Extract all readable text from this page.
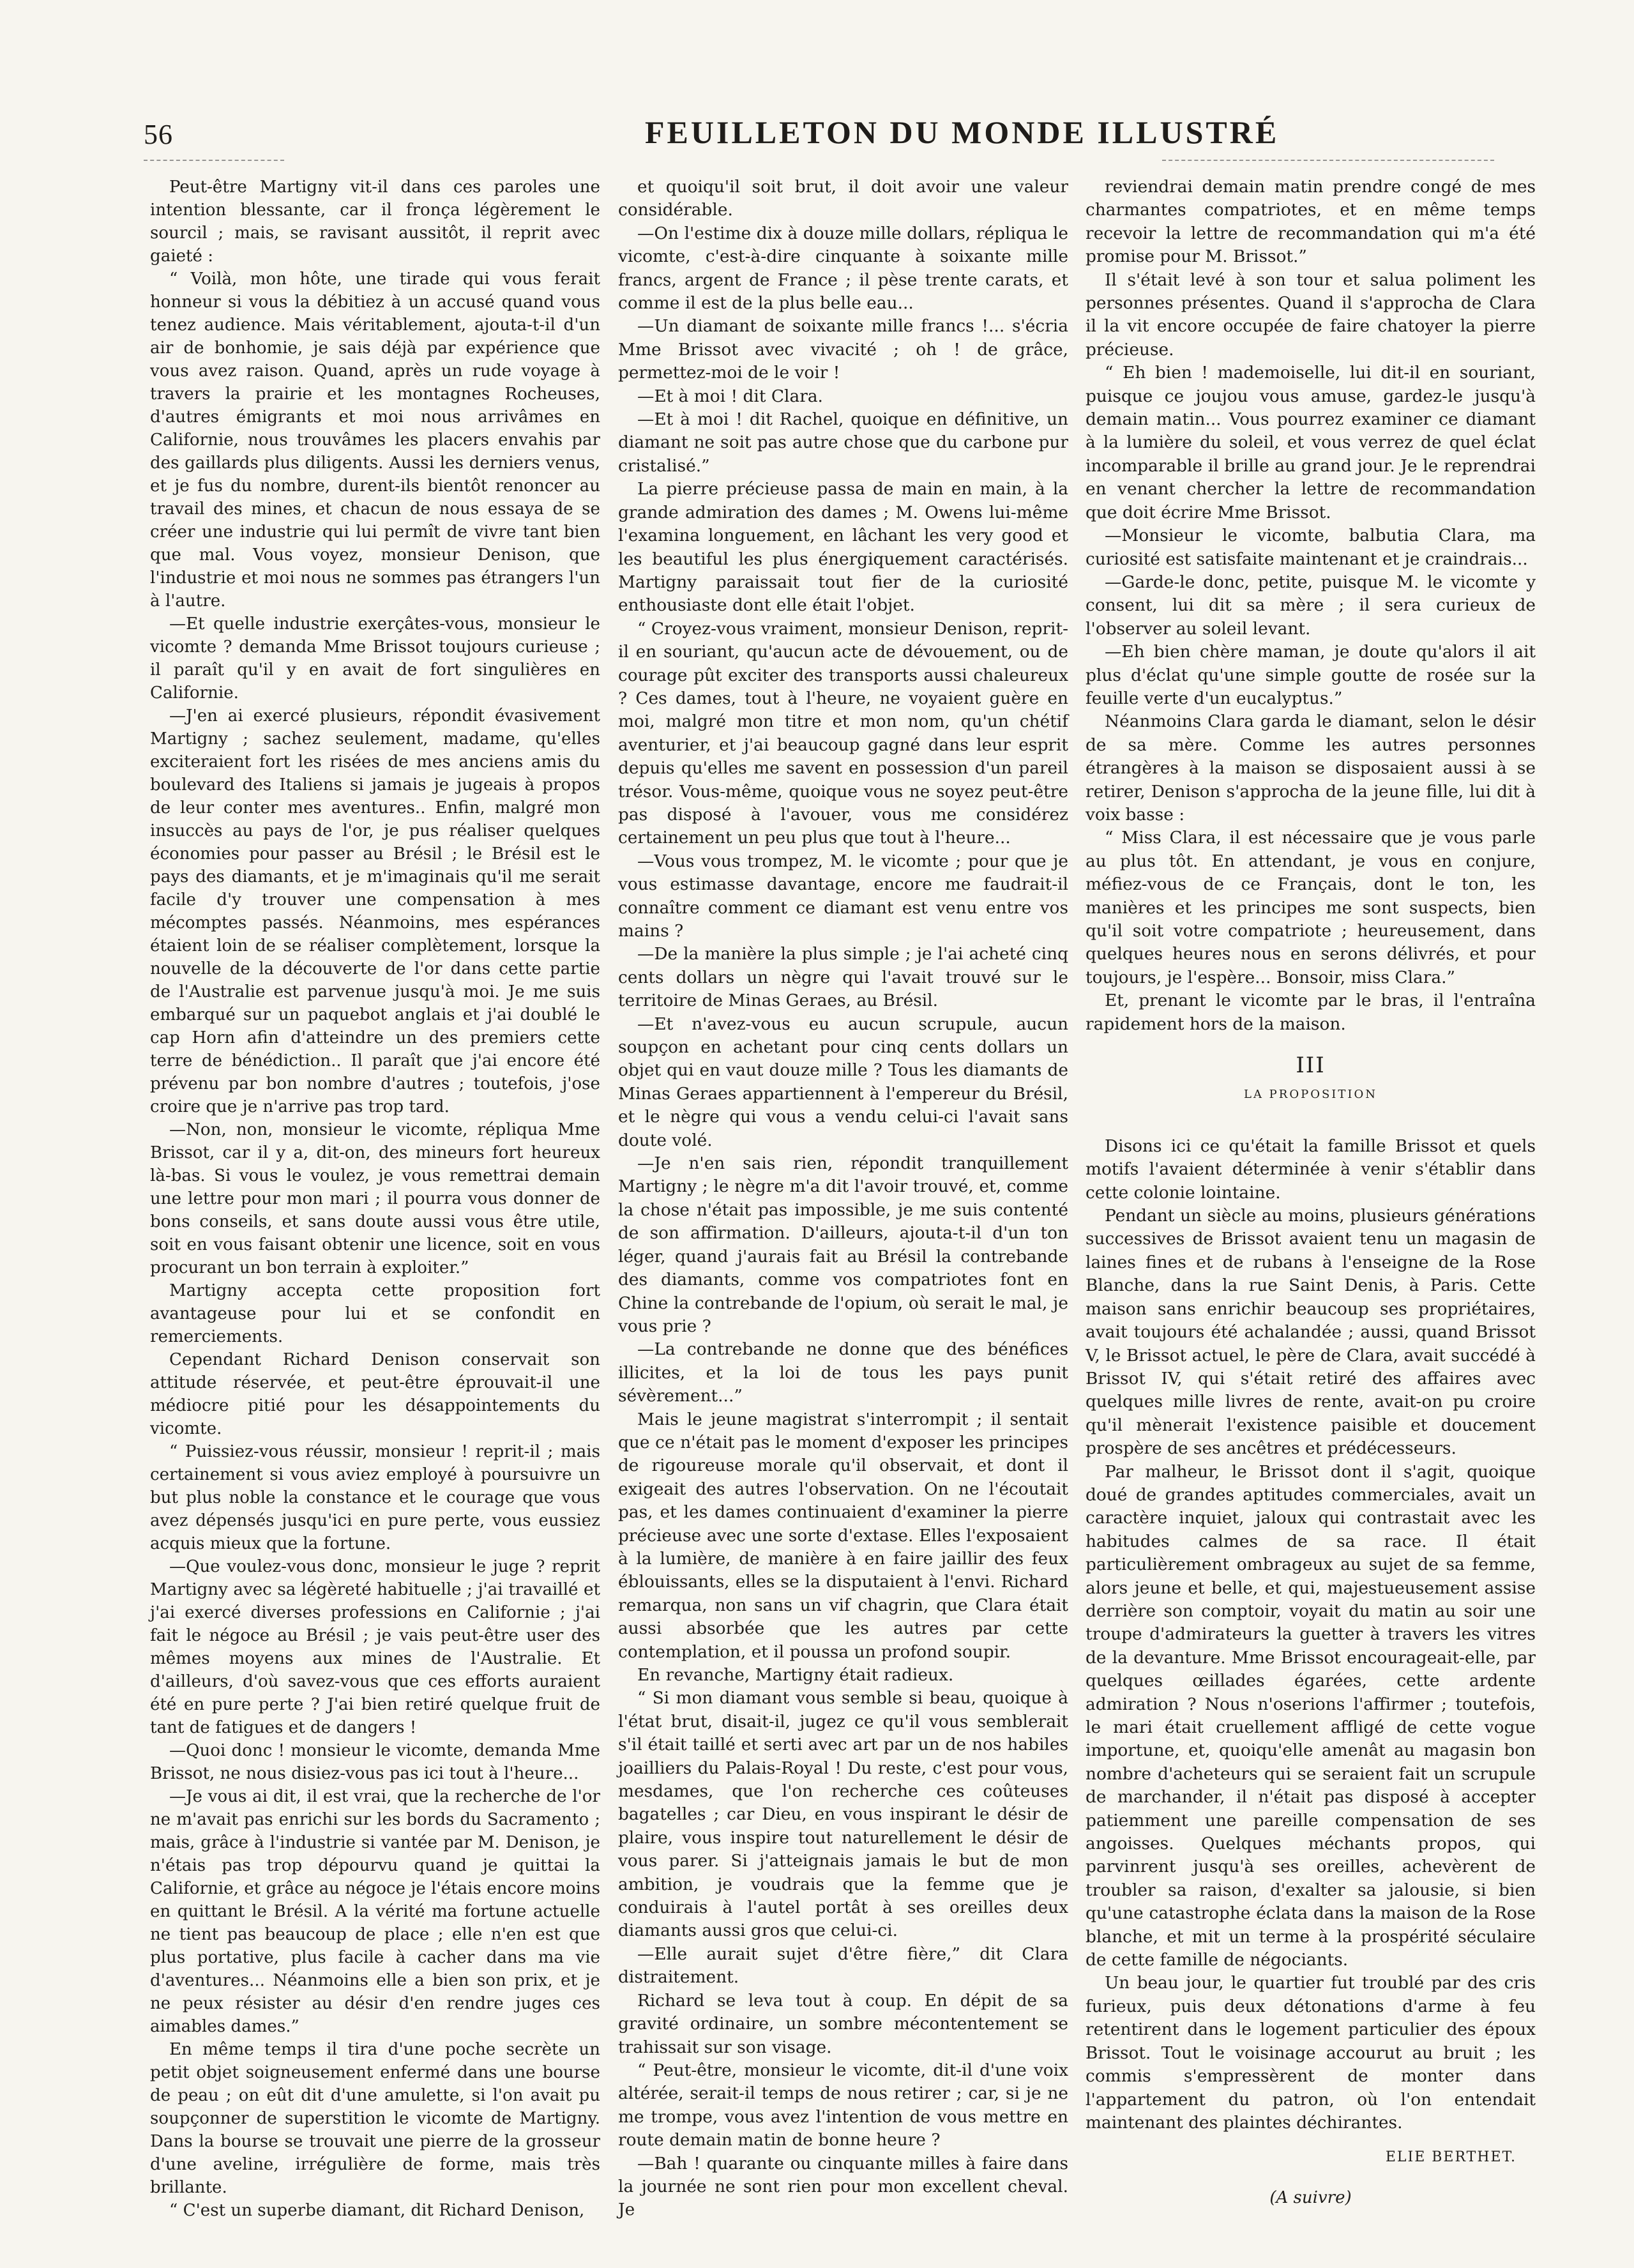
56	FEUILLETON DU MONDE ILLUSTRÉ

Peut-être Martigny vit-il dans ces paroles une intention blessante, car il fronça légèrement le sourcil ; mais, se ravisant aussitôt, il reprit avec gaieté :

“ Voilà, mon hôte, une tirade qui vous ferait honneur si vous la débitiez à un accusé quand vous tenez audience. Mais véritablement, ajouta-t-il d'un air de bonhomie, je sais déjà par expérience que vous avez raison. Quand, après un rude voyage à travers la prairie et les montagnes Rocheuses, d'autres émigrants et moi nous arrivâmes en Californie, nous trouvâmes les placers envahis par des gaillards plus diligents. Aussi les derniers venus, et je fus du nombre, durent-ils bientôt renoncer au travail des mines, et chacun de nous essaya de se créer une industrie qui lui permît de vivre tant bien que mal. Vous voyez, monsieur Denison, que l'industrie et moi nous ne sommes pas étrangers l'un à l'autre.

—Et quelle industrie exerçâtes-vous, monsieur le vicomte ? demanda Mme Brissot toujours curieuse ; il paraît qu'il y en avait de fort singulières en Californie.

—J'en ai exercé plusieurs, répondit évasivement Martigny ; sachez seulement, madame, qu'elles exciteraient fort les risées de mes anciens amis du boulevard des Italiens si jamais je jugeais à propos de leur conter mes aventures.. Enfin, malgré mon insuccès au pays de l'or, je pus réaliser quelques économies pour passer au Brésil ; le Brésil est le pays des diamants, et je m'imaginais qu'il me serait facile d'y trouver une compensation à mes mécomptes passés. Néanmoins, mes espérances étaient loin de se réaliser complètement, lorsque la nouvelle de la découverte de l'or dans cette partie de l'Australie est parvenue jusqu'à moi. Je me suis embarqué sur un paquebot anglais et j'ai doublé le cap Horn afin d'atteindre un des premiers cette terre de bénédiction.. Il paraît que j'ai encore été prévenu par bon nombre d'autres ; toutefois, j'ose croire que je n'arrive pas trop tard.

—Non, non, monsieur le vicomte, répliqua Mme Brissot, car il y a, dit-on, des mineurs fort heureux là-bas. Si vous le voulez, je vous remettrai demain une lettre pour mon mari ; il pourra vous donner de bons conseils, et sans doute aussi vous être utile, soit en vous faisant obtenir une licence, soit en vous procurant un bon terrain à exploiter.”

Martigny accepta cette proposition fort avantageuse pour lui et se confondit en remerciements.

Cependant Richard Denison conservait son attitude réservée, et peut-être éprouvait-il une médiocre pitié pour les désappointements du vicomte.

“ Puissiez-vous réussir, monsieur ! reprit-il ; mais certainement si vous aviez employé à poursuivre un but plus noble la constance et le courage que vous avez dépensés jusqu'ici en pure perte, vous eussiez acquis mieux que la fortune.

—Que voulez-vous donc, monsieur le juge ? reprit Martigny avec sa légèreté habituelle ; j'ai travaillé et j'ai exercé diverses professions en Californie ; j'ai fait le négoce au Brésil ; je vais peut-être user des mêmes moyens aux mines de l'Australie. Et d'ailleurs, d'où savez-vous que ces efforts auraient été en pure perte ? J'ai bien retiré quelque fruit de tant de fatigues et de dangers !

—Quoi donc ! monsieur le vicomte, demanda Mme Brissot, ne nous disiez-vous pas ici tout à l'heure...

—Je vous ai dit, il est vrai, que la recherche de l'or ne m'avait pas enrichi sur les bords du Sacramento ; mais, grâce à l'industrie si vantée par M. Denison, je n'étais pas trop dépourvu quand je quittai la Californie, et grâce au négoce je l'étais encore moins en quittant le Brésil. A la vérité ma fortune actuelle ne tient pas beaucoup de place ; elle n'en est que plus portative, plus facile à cacher dans ma vie d'aventures... Néanmoins elle a bien son prix, et je ne peux résister au désir d'en rendre juges ces aimables dames.”

En même temps il tira d'une poche secrète un petit objet soigneusement enfermé dans une bourse de peau ; on eût dit d'une amulette, si l'on avait pu soupçonner de superstition le vicomte de Martigny. Dans la bourse se trouvait une pierre de la grosseur d'une aveline, irrégulière de forme, mais très brillante.

“ C'est un superbe diamant, dit Richard Denison,

et quoiqu'il soit brut, il doit avoir une valeur considérable.

—On l'estime dix à douze mille dollars, répliqua le vicomte, c'est-à-dire cinquante à soixante mille francs, argent de France ; il pèse trente carats, et comme il est de la plus belle eau...

—Un diamant de soixante mille francs !... s'écria Mme Brissot avec vivacité ; oh ! de grâce, permettez-moi de le voir !

—Et à moi ! dit Clara.

—Et à moi ! dit Rachel, quoique en définitive, un diamant ne soit pas autre chose que du carbone pur cristalisé.”

La pierre précieuse passa de main en main, à la grande admiration des dames ; M. Owens lui-même l'examina longuement, en lâchant les very good et les beautiful les plus énergiquement caractérisés. Martigny paraissait tout fier de la curiosité enthousiaste dont elle était l'objet.

“ Croyez-vous vraiment, monsieur Denison, reprit-il en souriant, qu'aucun acte de dévouement, ou de courage pût exciter des transports aussi chaleureux ? Ces dames, tout à l'heure, ne voyaient guère en moi, malgré mon titre et mon nom, qu'un chétif aventurier, et j'ai beaucoup gagné dans leur esprit depuis qu'elles me savent en possession d'un pareil trésor. Vous-même, quoique vous ne soyez peut-être pas disposé à l'avouer, vous me considérez certainement un peu plus que tout à l'heure...

—Vous vous trompez, M. le vicomte ; pour que je vous estimasse davantage, encore me faudrait-il connaître comment ce diamant est venu entre vos mains ?

—De la manière la plus simple ; je l'ai acheté cinq cents dollars un nègre qui l'avait trouvé sur le territoire de Minas Geraes, au Brésil.

—Et n'avez-vous eu aucun scrupule, aucun soupçon en achetant pour cinq cents dollars un objet qui en vaut douze mille ? Tous les diamants de Minas Geraes appartiennent à l'empereur du Brésil, et le nègre qui vous a vendu celui-ci l'avait sans doute volé.

—Je n'en sais rien, répondit tranquillement Martigny ; le nègre m'a dit l'avoir trouvé, et, comme la chose n'était pas impossible, je me suis contenté de son affirmation. D'ailleurs, ajouta-t-il d'un ton léger, quand j'aurais fait au Brésil la contrebande des diamants, comme vos compatriotes font en Chine la contrebande de l'opium, où serait le mal, je vous prie ?

—La contrebande ne donne que des bénéfices illicites, et la loi de tous les pays punit sévèrement...”

Mais le jeune magistrat s'interrompit ; il sentait que ce n'était pas le moment d'exposer les principes de rigoureuse morale qu'il observait, et dont il exigeait des autres l'observation. On ne l'écoutait pas, et les dames continuaient d'examiner la pierre précieuse avec une sorte d'extase. Elles l'exposaient à la lumière, de manière à en faire jaillir des feux éblouissants, elles se la disputaient à l'envi. Richard remarqua, non sans un vif chagrin, que Clara était aussi absorbée que les autres par cette contemplation, et il poussa un profond soupir.

En revanche, Martigny était radieux.

“ Si mon diamant vous semble si beau, quoique à l'état brut, disait-il, jugez ce qu'il vous semblerait s'il était taillé et serti avec art par un de nos habiles joailliers du Palais-Royal ! Du reste, c'est pour vous, mesdames, que l'on recherche ces coûteuses bagatelles ; car Dieu, en vous inspirant le désir de plaire, vous inspire tout naturellement le désir de vous parer. Si j'atteignais jamais le but de mon ambition, je voudrais que la femme que je conduirais à l'autel portât à ses oreilles deux diamants aussi gros que celui-ci.

—Elle aurait sujet d'être fière,” dit Clara distraitement.

Richard se leva tout à coup. En dépit de sa gravité ordinaire, un sombre mécontentement se trahissait sur son visage.

“ Peut-être, monsieur le vicomte, dit-il d'une voix altérée, serait-il temps de nous retirer ; car, si je ne me trompe, vous avez l'intention de vous mettre en route demain matin de bonne heure ?

—Bah ! quarante ou cinquante milles à faire dans la journée ne sont rien pour mon excellent cheval. Je

reviendrai demain matin prendre congé de mes charmantes compatriotes, et en même temps recevoir la lettre de recommandation qui m'a été promise pour M. Brissot.”

Il s'était levé à son tour et salua poliment les personnes présentes. Quand il s'approcha de Clara il la vit encore occupée de faire chatoyer la pierre précieuse.

“ Eh bien ! mademoiselle, lui dit-il en souriant, puisque ce joujou vous amuse, gardez-le jusqu'à demain matin... Vous pourrez examiner ce diamant à la lumière du soleil, et vous verrez de quel éclat incomparable il brille au grand jour. Je le reprendrai en venant chercher la lettre de recommandation que doit écrire Mme Brissot.

—Monsieur le vicomte, balbutia Clara, ma curiosité est satisfaite maintenant et je craindrais...

—Garde-le donc, petite, puisque M. le vicomte y consent, lui dit sa mère ; il sera curieux de l'observer au soleil levant.

—Eh bien chère maman, je doute qu'alors il ait plus d'éclat qu'une simple goutte de rosée sur la feuille verte d'un eucalyptus.”

Néanmoins Clara garda le diamant, selon le désir de sa mère. Comme les autres personnes étrangères à la maison se disposaient aussi à se retirer, Denison s'approcha de la jeune fille, lui dit à voix basse :

“ Miss Clara, il est nécessaire que je vous parle au plus tôt. En attendant, je vous en conjure, méfiez-vous de ce Français, dont le ton, les manières et les principes me sont suspects, bien qu'il soit votre compatriote ; heureusement, dans quelques heures nous en serons délivrés, et pour toujours, je l'espère... Bonsoir, miss Clara.”

Et, prenant le vicomte par le bras, il l'entraîna rapidement hors de la maison.

III
LA PROPOSITION

Disons ici ce qu'était la famille Brissot et quels motifs l'avaient déterminée à venir s'établir dans cette colonie lointaine.

Pendant un siècle au moins, plusieurs générations successives de Brissot avaient tenu un magasin de laines fines et de rubans à l'enseigne de la Rose Blanche, dans la rue Saint Denis, à Paris. Cette maison sans enrichir beaucoup ses propriétaires, avait toujours été achalandée ; aussi, quand Brissot V, le Brissot actuel, le père de Clara, avait succédé à Brissot IV, qui s'était retiré des affaires avec quelques mille livres de rente, avait-on pu croire qu'il mènerait l'existence paisible et doucement prospère de ses ancêtres et prédécesseurs.

Par malheur, le Brissot dont il s'agit, quoique doué de grandes aptitudes commerciales, avait un caractère inquiet, jaloux qui contrastait avec les habitudes calmes de sa race. Il était particulièrement ombrageux au sujet de sa femme, alors jeune et belle, et qui, majestueusement assise derrière son comptoir, voyait du matin au soir une troupe d'admirateurs la guetter à travers les vitres de la devanture. Mme Brissot encourageait-elle, par quelques œillades égarées, cette ardente admiration ? Nous n'oserions l'affirmer ; toutefois, le mari était cruellement affligé de cette vogue importune, et, quoiqu'elle amenât au magasin bon nombre d'acheteurs qui se seraient fait un scrupule de marchander, il n'était pas disposé à accepter patiemment une pareille compensation de ses angoisses. Quelques méchants propos, qui parvinrent jusqu'à ses oreilles, achevèrent de troubler sa raison, d'exalter sa jalousie, si bien qu'une catastrophe éclata dans la maison de la Rose blanche, et mit un terme à la prospérité séculaire de cette famille de négociants.

Un beau jour, le quartier fut troublé par des cris furieux, puis deux détonations d'arme à feu retentirent dans le logement particulier des époux Brissot. Tout le voisinage accourut au bruit ; les commis s'empressèrent de monter dans l'appartement du patron, où l'on entendait maintenant des plaintes déchirantes.

ELIE BERTHET.
(A suivre)
